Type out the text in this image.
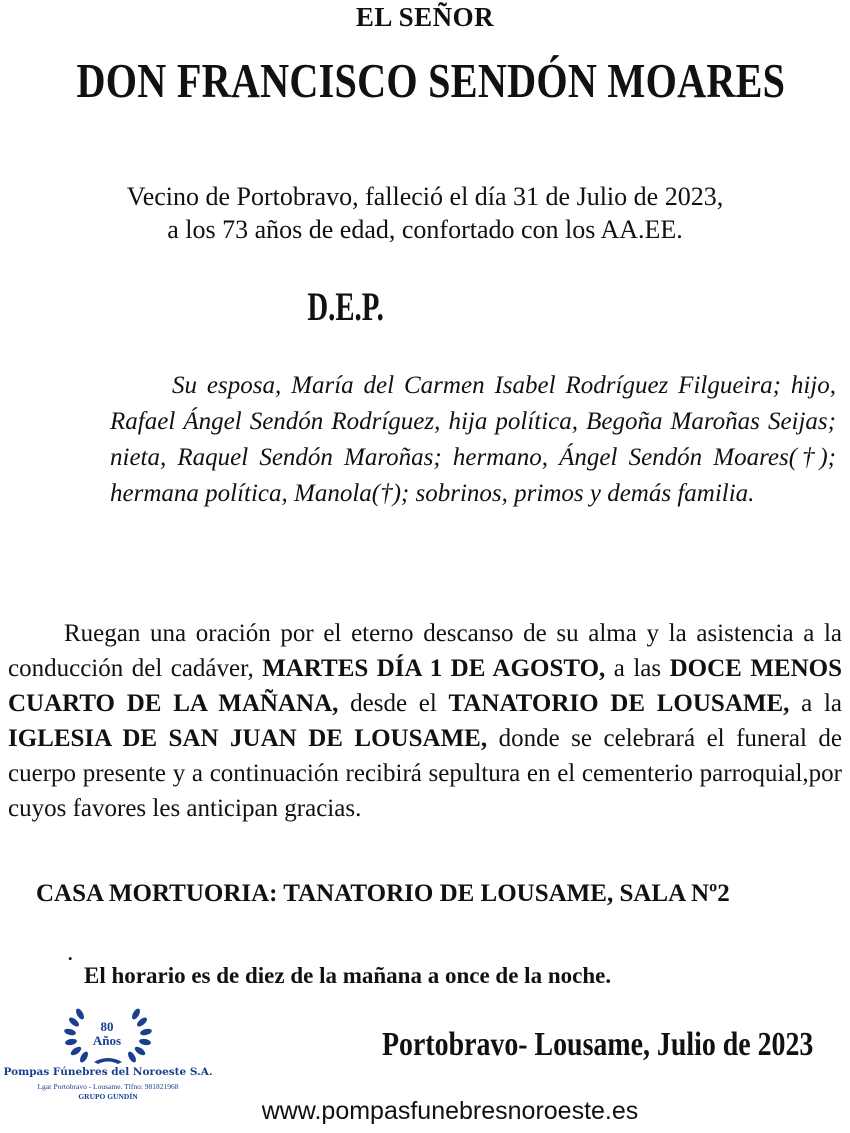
EL SEÑOR
DON FRANCISCO SENDÓN MOARES
Vecino de Portobravo, falleció el día 31 de Julio de 2023,
a los 73 años de edad, confortado con los AA.EE.
D.E.P.
Su esposa, María del Carmen Isabel Rodríguez Filgueira; hijo, Rafael Ángel Sendón Rodríguez, hija política, Begoña Maroñas Seijas; nieta, Raquel Sendón Maroñas; hermano, Ángel Sendón Moares(†); hermana política, Manola(†); sobrinos, primos y demás familia.
Ruegan una oración por el eterno descanso de su alma y la asistencia a la conducción del cadáver, MARTES DÍA 1 DE AGOSTO, a las DOCE MENOS CUARTO DE LA MAÑANA, desde el TANATORIO DE LOUSAME, a la IGLESIA DE SAN JUAN DE LOUSAME, donde se celebrará el funeral de cuerpo presente y a continuación recibirá sepultura en el cementerio parroquial,por cuyos favores les anticipan gracias.
CASA MORTUORIA: TANATORIO DE LOUSAME, SALA Nº2
.
El horario es de diez de la mañana a once de la noche.
Portobravo- Lousame, Julio de 2023
80
Años
Pompas Fúnebres del Noroeste S.A.
Lgar Portobravo - Lousame. Tlfno: 981821968
GRUPO GUNDÍN
www.pompasfunebresnoroeste.es
